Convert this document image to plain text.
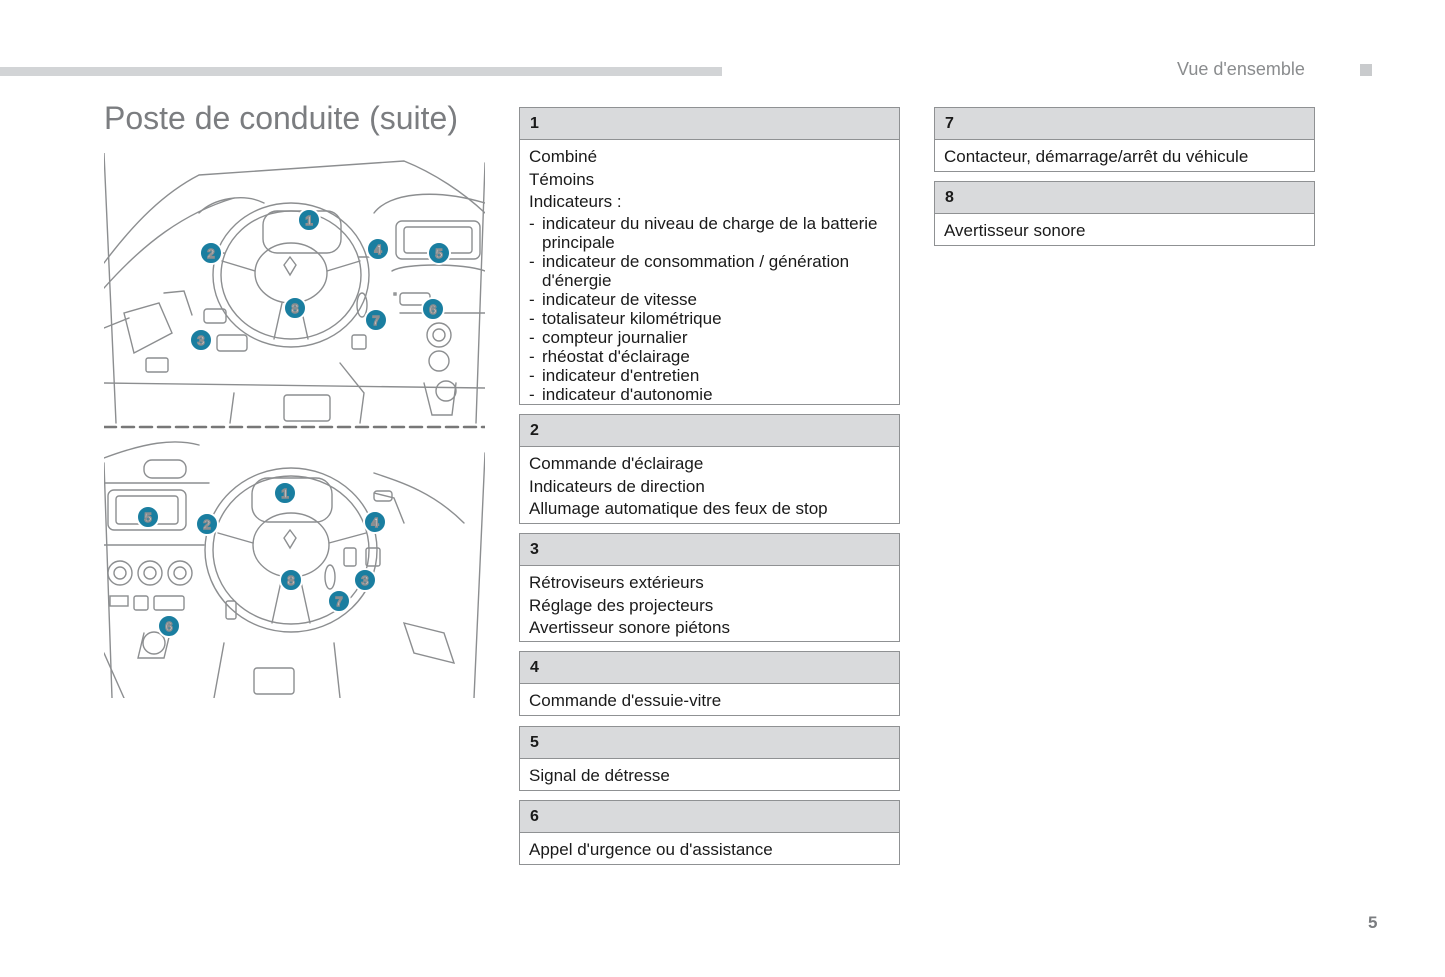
Vue d'ensemble
Poste de conduite (suite)
1
2
3
4	5
6
7
8
1
2
3
4
5
6
7
8
1
Combiné
Témoins
Indicateurs :
- indicateur du niveau de charge de la batterie principale
- indicateur de consommation / génération d'énergie
- indicateur de vitesse
- totalisateur kilométrique
- compteur journalier
- rhéostat d'éclairage
- indicateur d'entretien
- indicateur d'autonomie
2
Commande d'éclairage
Indicateurs de direction
Allumage automatique des feux de stop
3
Rétroviseurs extérieurs
Réglage des projecteurs
Avertisseur sonore piétons
4
Commande d'essuie-vitre
5
Signal de détresse
6
Appel d'urgence ou d'assistance
7
Contacteur, démarrage/arrêt du véhicule
8
Avertisseur sonore
5
